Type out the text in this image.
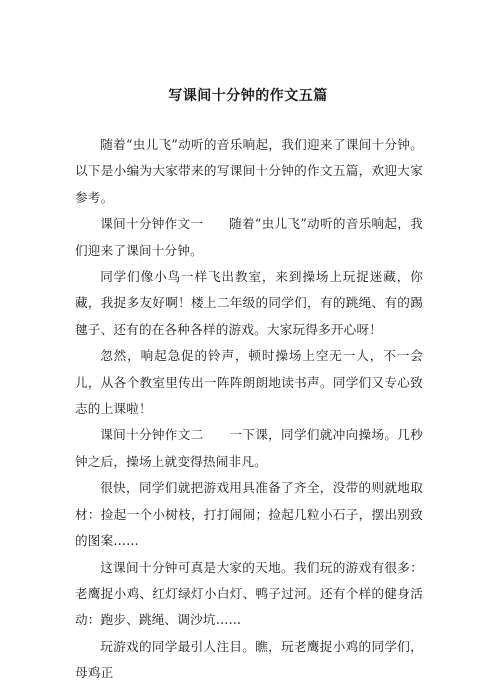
写课间十分钟的作文五篇

随着“虫儿飞”动听的音乐响起，我们迎来了课间十分钟。以下是小编为大家带来的写课间十分钟的作文五篇，欢迎大家参考。

课间十分钟作文一　　随着“虫儿飞”动听的音乐响起，我们迎来了课间十分钟。

同学们像小鸟一样飞出教室，来到操场上玩捉迷藏，你藏，我捉多友好啊！楼上二年级的同学们，有的跳绳、有的踢毽子、还有的在各种各样的游戏。大家玩得多开心呀！

忽然，响起急促的铃声，顿时操场上空无一人，不一会儿，从各个教室里传出一阵阵朗朗地读书声。同学们又专心致志的上课啦！

课间十分钟作文二　　一下课，同学们就冲向操场。几秒钟之后，操场上就变得热闹非凡。

很快，同学们就把游戏用具准备了齐全，没带的则就地取材：捡起一个小树枝，打打闹闹；捡起几粒小石子，摆出别致的图案……

这课间十分钟可真是大家的天地。我们玩的游戏有很多：老鹰捉小鸡、红灯绿灯小白灯、鸭子过河。还有个样的健身活动：跑步、跳绳、调沙坑……

玩游戏的同学最引人注目。瞧，玩老鹰捉小鸡的同学们，母鸡正
